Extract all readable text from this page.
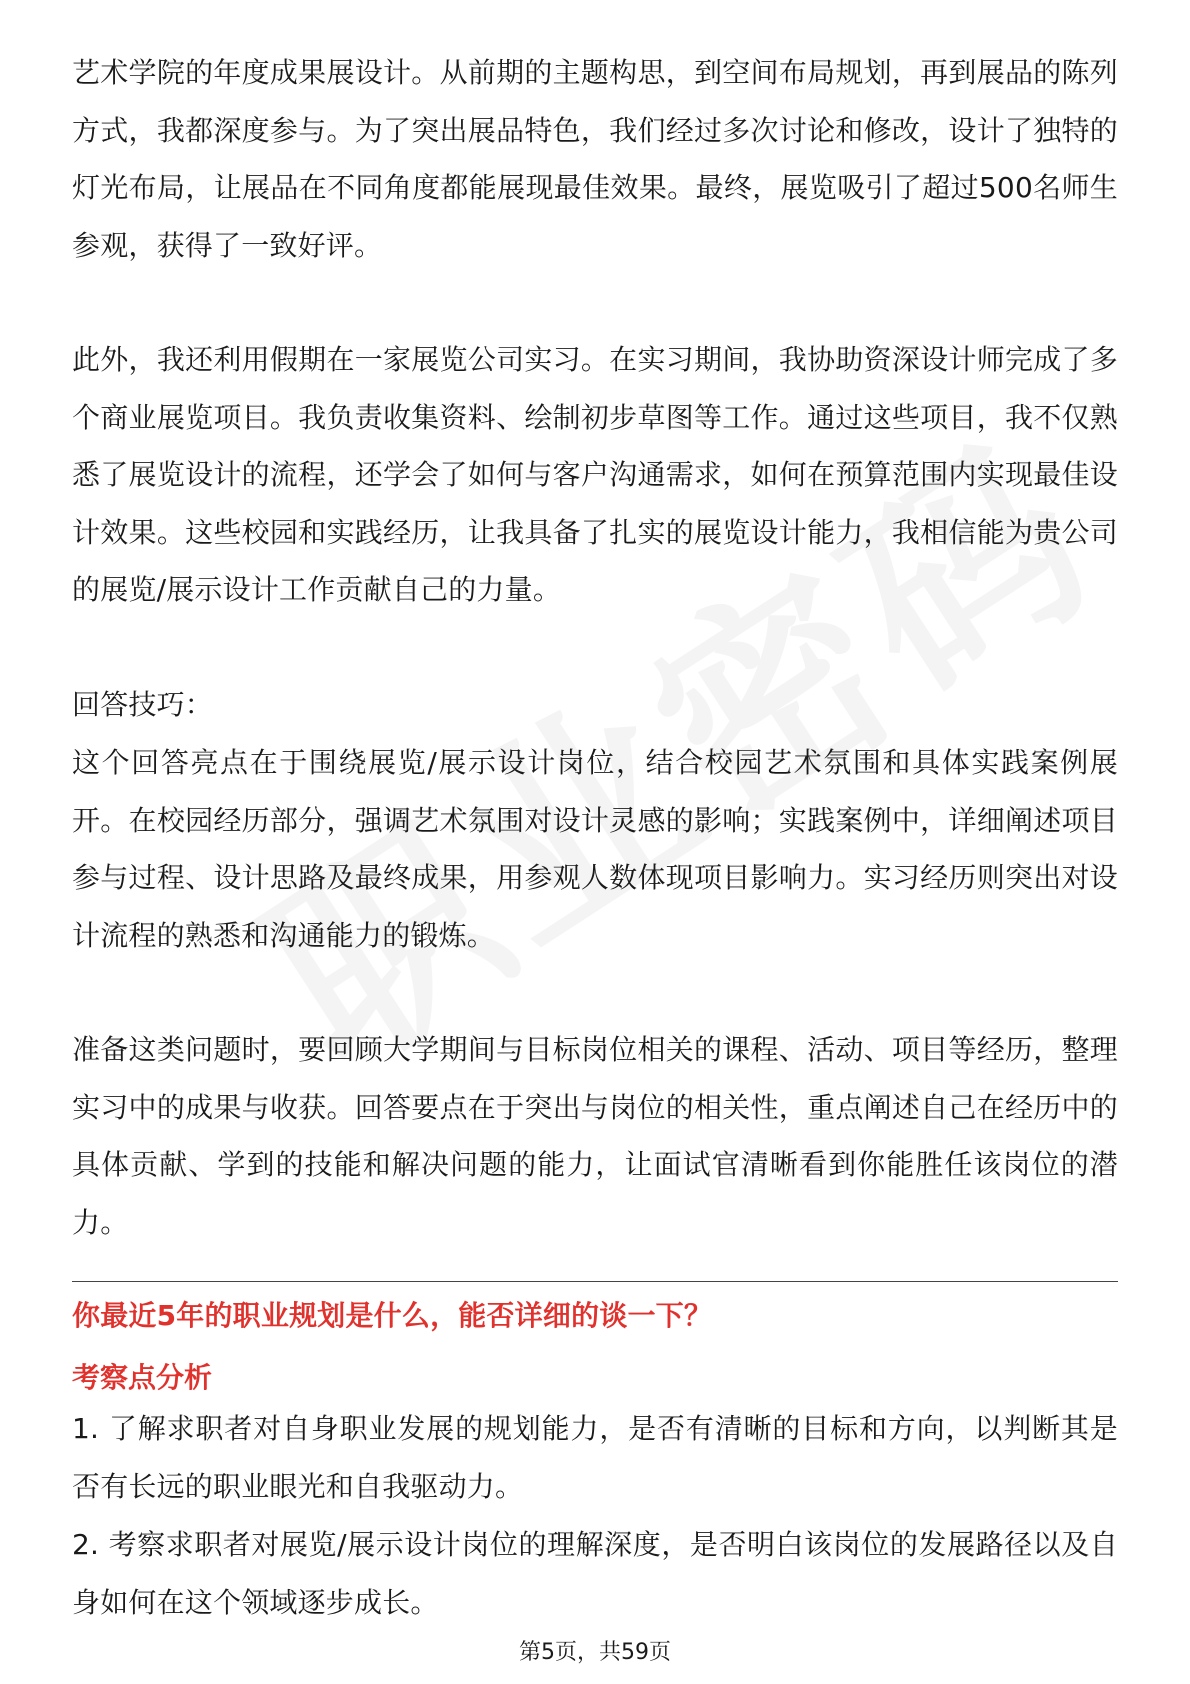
艺术学院的年度成果展设计。从前期的主题构思，到空间布局规划，再到展品的陈列方式，我都深度参与。为了突出展品特色，我们经过多次讨论和修改，设计了独特的灯光布局，让展品在不同角度都能展现最佳效果。最终，展览吸引了超过500名师生参观，获得了一致好评。

此外，我还利用假期在一家展览公司实习。在实习期间，我协助资深设计师完成了多个商业展览项目。我负责收集资料、绘制初步草图等工作。通过这些项目，我不仅熟悉了展览设计的流程，还学会了如何与客户沟通需求，如何在预算范围内实现最佳设计效果。这些校园和实践经历，让我具备了扎实的展览设计能力，我相信能为贵公司的展览/展示设计工作贡献自己的力量。

回答技巧：

这个回答亮点在于围绕展览/展示设计岗位，结合校园艺术氛围和具体实践案例展开。在校园经历部分，强调艺术氛围对设计灵感的影响；实践案例中，详细阐述项目参与过程、设计思路及最终成果，用参观人数体现项目影响力。实习经历则突出对设计流程的熟悉和沟通能力的锻炼。

准备这类问题时，要回顾大学期间与目标岗位相关的课程、活动、项目等经历，整理实习中的成果与收获。回答要点在于突出与岗位的相关性，重点阐述自己在经历中的具体贡献、学到的技能和解决问题的能力，让面试官清晰看到你能胜任该岗位的潜力。

你最近5年的职业规划是什么，能否详细的谈一下？
考察点分析

1. 了解求职者对自身职业发展的规划能力，是否有清晰的目标和方向，以判断其是否有长远的职业眼光和自我驱动力。

2. 考察求职者对展览/展示设计岗位的理解深度，是否明白该岗位的发展路径以及自身如何在这个领域逐步成长。

第5页，共59页
